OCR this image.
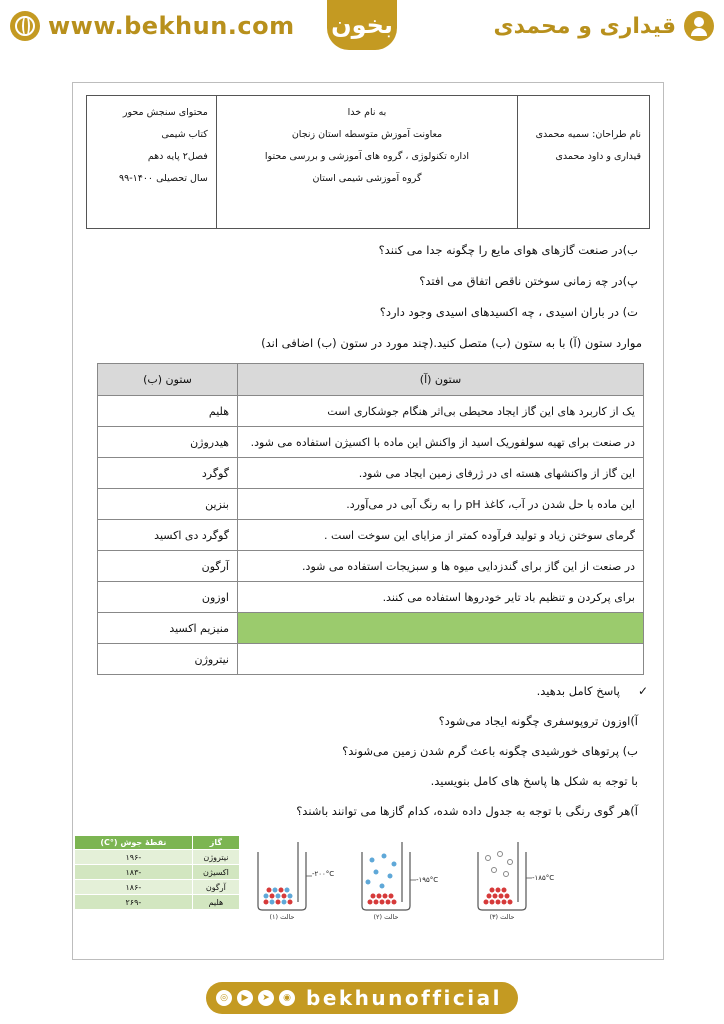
www.bekhun.com بخون	قیداری و محمدی
محتوای سنجش محور
کتاب شیمی
فصل۲ پایه دهم
سال تحصیلی ۱۴۰۰-۹۹

به نام خدا
معاونت آموزش متوسطه استان زنجان
اداره تکنولوژی ، گروه های آموزشی و بررسی محتوا
گروه آموزشی شیمی استان

نام طراحان: سمیه محمدی
قیداری و داود محمدی
ب)در صنعت گازهای هوای مایع را چگونه جدا می کنند؟
پ)در چه زمانی سوختن ناقص اتفاق می افتد؟
ت) در باران اسیدی ، چه اکسیدهای اسیدی وجود دارد؟
موارد ستون (آ) با به ستون (ب) متصل کنید.(چند مورد در ستون (ب) اضافی اند)
ستون (آ)	ستون (ب)
یک از کاربرد های این گاز ایجاد محیطی بی‌اثر هنگام جوشکاری است	هلیم
در صنعت برای تهیه سولفوریک اسید از واکنش این ماده با اکسیژن استفاده می شود.	هیدروژن
این گاز از واکنشهای هسته ای در ژرفای زمین ایجاد می شود.	گوگرد
این ماده با حل شدن در آب، کاغذ pH را به رنگ آبی در می‌آورد.	بنزین
گرمای سوختن زیاد و تولید فرآوده کمتر از مزایای این سوخت است .	گوگرد دی اکسید
در صنعت از این گاز برای گندزدایی میوه ها و سبزیجات استفاده می شود.	آرگون
برای پرکردن و تنظیم باد تایر خودروها استفاده می کنند.	اوزون
	منیزیم اکسید
	نیتروژن
✓
پاسخ کامل بدهید.
آ)اوزون تروپوسفری چگونه ایجاد می‌شود؟
ب) پرتوهای خورشیدی چگونه باعث گرم شدن زمین می‌شوند؟
با توجه به شکل ها پاسخ های کامل بنویسید.
آ)هر گوی رنگی با توجه به جدول داده شده، کدام گازها می توانند باشند؟
-۲۰۰°C
حالت (۱)
-۱۹۵°C
حالت (۲)
-۱۸۵°C
حالت (۳)
گاز	نقطهٔ جوش (°C)
نیتروژن	-۱۹۶
اکسیژن	-۱۸۳
آرگون	-۱۸۶
هلیم	-۲۶۹
◎	▶	➤	◉ bekhunofficial
